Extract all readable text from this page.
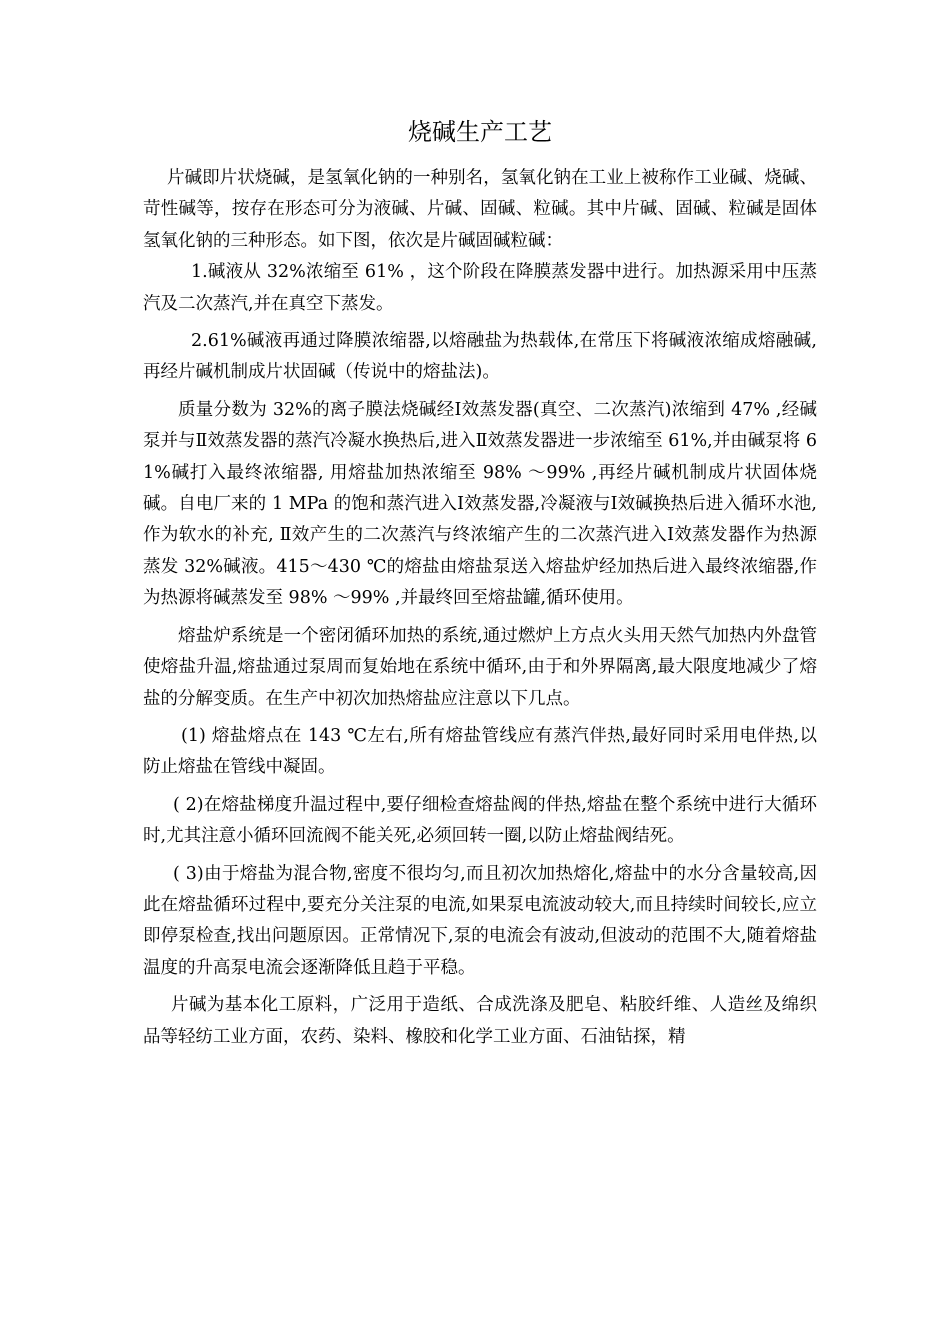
烧碱生产工艺

片碱即片状烧碱，是氢氧化钠的一种别名，氢氧化钠在工业上被称作工业碱、烧碱、苛性碱等，按存在形态可分为液碱、片碱、固碱、粒碱。其中片碱、固碱、粒碱是固体氢氧化钠的三种形态。如下图，依次是片碱固碱粒碱：

1.碱液从 32%浓缩至 61% ，这个阶段在降膜蒸发器中进行。加热源采用中压蒸汽及二次蒸汽,并在真空下蒸发。

2.61%碱液再通过降膜浓缩器,以熔融盐为热载体,在常压下将碱液浓缩成熔融碱,再经片碱机制成片状固碱（传说中的熔盐法)。

质量分数为 32%的离子膜法烧碱经Ⅰ效蒸发器(真空、二次蒸汽)浓缩到 47% ,经碱泵并与Ⅱ效蒸发器的蒸汽冷凝水换热后,进入Ⅱ效蒸发器进一步浓缩至 61%,并由碱泵将 61%碱打入最终浓缩器, 用熔盐加热浓缩至 98% ～99% ,再经片碱机制成片状固体烧碱。自电厂来的 1 MPa 的饱和蒸汽进入Ⅰ效蒸发器,冷凝液与Ⅰ效碱换热后进入循环水池,作为软水的补充, Ⅱ效产生的二次蒸汽与终浓缩产生的二次蒸汽进入Ⅰ效蒸发器作为热源蒸发 32%碱液。415～430 ℃的熔盐由熔盐泵送入熔盐炉经加热后进入最终浓缩器,作为热源将碱蒸发至 98% ～99% ,并最终回至熔盐罐,循环使用。

熔盐炉系统是一个密闭循环加热的系统,通过燃炉上方点火头用天然气加热内外盘管使熔盐升温,熔盐通过泵周而复始地在系统中循环,由于和外界隔离,最大限度地减少了熔盐的分解变质。在生产中初次加热熔盐应注意以下几点。

(1) 熔盐熔点在 143 ℃左右,所有熔盐管线应有蒸汽伴热,最好同时采用电伴热,以防止熔盐在管线中凝固。

( 2)在熔盐梯度升温过程中,要仔细检查熔盐阀的伴热,熔盐在整个系统中进行大循环时,尤其注意小循环回流阀不能关死,必须回转一圈,以防止熔盐阀结死。

( 3)由于熔盐为混合物,密度不很均匀,而且初次加热熔化,熔盐中的水分含量较高,因此在熔盐循环过程中,要充分关注泵的电流,如果泵电流波动较大,而且持续时间较长,应立即停泵检查,找出问题原因。正常情况下,泵的电流会有波动,但波动的范围不大,随着熔盐温度的升高泵电流会逐渐降低且趋于平稳。

片碱为基本化工原料，广泛用于造纸、合成洗涤及肥皂、粘胶纤维、人造丝及绵织品等轻纺工业方面，农药、染料、橡胶和化学工业方面、石油钻探，精
